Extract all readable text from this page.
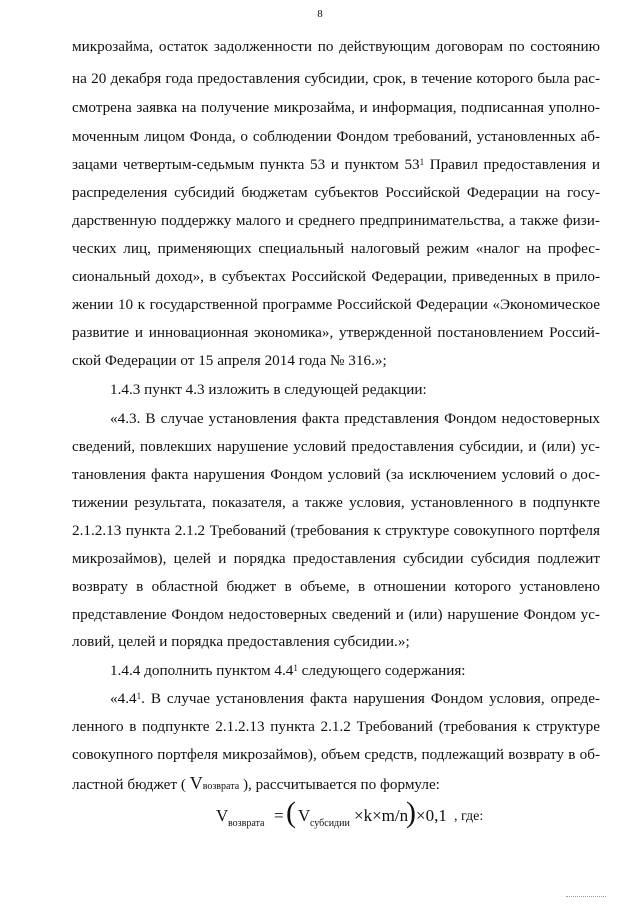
8
микрозайма, остаток задолженности по действующим договорам по состоянию
на 20 декабря года предоставления субсидии, срок, в течение которого была рас-
смотрена заявка на получение микрозайма, и информация, подписанная уполно-
моченным лицом Фонда, о соблюдении Фондом требований, установленных аб-
зацами четвертым-седьмым пункта 53 и пунктом $53^1$ Правил предоставления и
распределения субсидий бюджетам субъектов Российской Федерации на госу-
дарственную поддержку малого и среднего предпринимательства, а также физи-
ческих лиц, применяющих специальный налоговый режим «налог на профес-
сиональный доход», в субъектах Российской Федерации, приведенных в прило-
жении 10 к государственной программе Российской Федерации «Экономическое
развитие и инновационная экономика», утвержденной постановлением Россий-
ской Федерации от 15 апреля 2014 года № 316.»;
1.4.3 пункт 4.3 изложить в следующей редакции:
«4.3. В случае установления факта представления Фондом недостоверных
сведений, повлекших нарушение условий предоставления субсидии, и (или) ус-
тановления факта нарушения Фондом условий (за исключением условий о дос-
тижении результата, показателя, а также условия, установленного в подпункте
2.1.2.13 пункта 2.1.2 Требований (требования к структуре совокупного портфеля
микрозаймов), целей и порядка предоставления субсидии субсидия подлежит
возврату в областной бюджет в объеме, в отношении которого установлено
представление Фондом недостоверных сведений и (или) нарушение Фондом ус-
ловий, целей и порядка предоставления субсидии.»;
1.4.4 дополнить пунктом $4.4^1$ следующего содержания:
«$4.4^1$. В случае установления факта нарушения Фондом условия, опреде-
ленного в подпункте 2.1.2.13 пункта 2.1.2 Требований (требования к структуре
совокупного портфеля микрозаймов), объем средств, подлежащий возврату в об-
ластной бюджет ( Vвозврата ), рассчитывается по формуле:
V возврата = ( V субсидии ×k×m/n
) ×0,1 , где:
